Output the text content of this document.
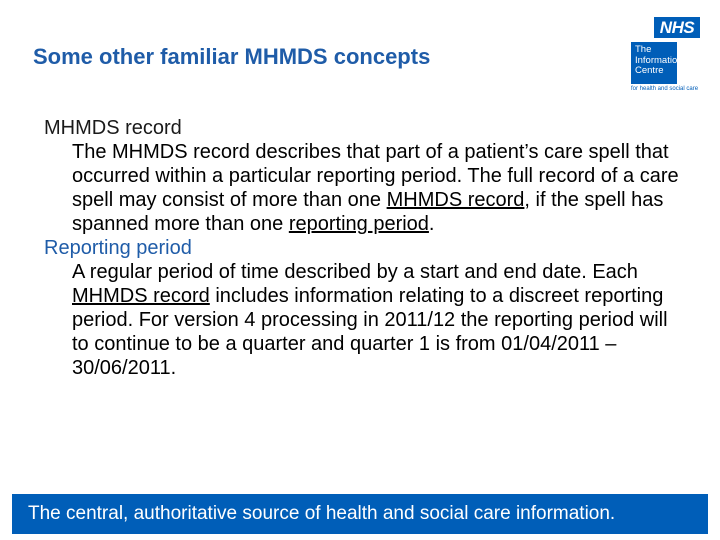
Some other familiar MHMDS concepts
NHS
The
Information
Centre
for health and social care

MHMDS record

The MHMDS record describes that part of a patient’s care spell that occurred within a particular reporting period. The full record of a care spell may consist of more than one MHMDS record, if the spell has spanned more than one reporting period.

Reporting period

A regular period of time described by a start and end date. Each MHMDS record includes information relating to a discreet reporting period. For version 4 processing in 2011/12 the reporting period will to continue to be a quarter and quarter 1 is from 01/04/2011 – 30/06/2011.

The central, authoritative source of health and social care information.
